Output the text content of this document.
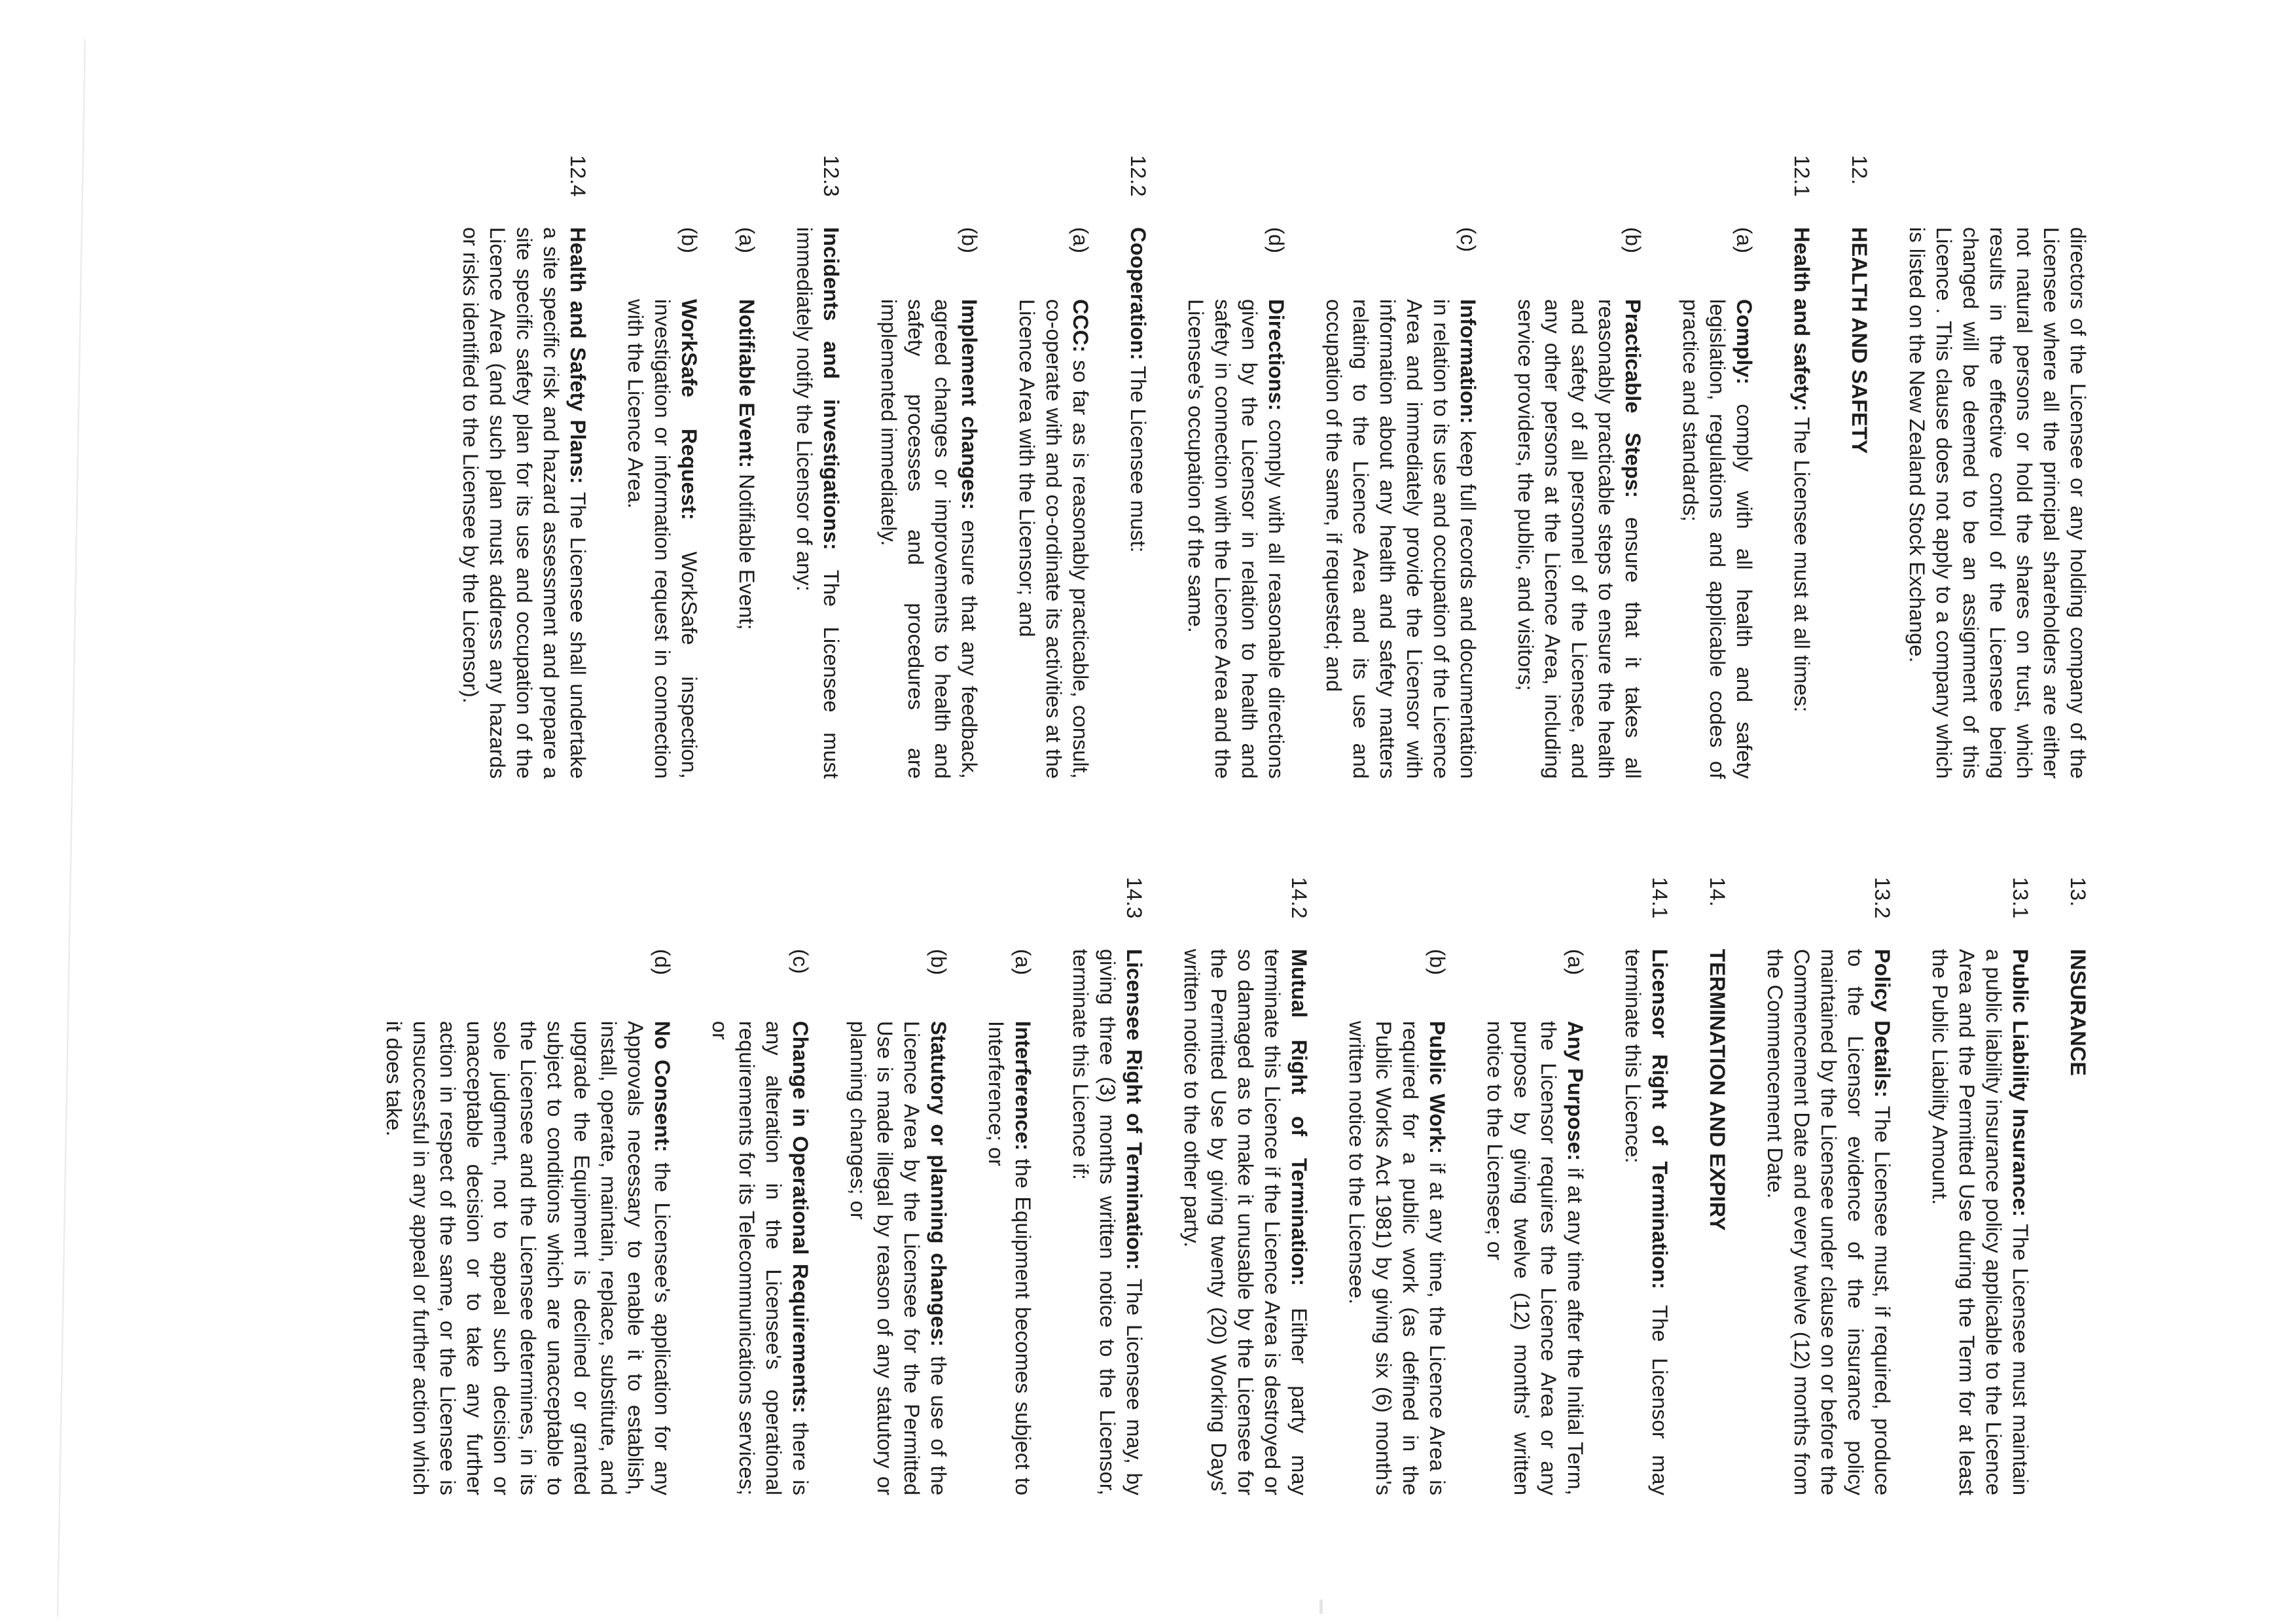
directors of the Licensee or any holding company of the Licensee where all the principal shareholders are either not natural persons or hold the shares on trust, which results in the effective control of the Licensee being changed will be deemed to be an assignment of this Licence . This clause does not apply to a company which is listed on the New Zealand Stock Exchange.
12.
HEALTH AND SAFETY
12.1
Health and safety: The Licensee must at all times:
(a)
Comply: comply with all health and safety legislation, regulations and applicable codes of practice and standards;
(b)
Practicable Steps: ensure that it takes all reasonably practicable steps to ensure the health and safety of all personnel of the Licensee, and any other persons at the Licence Area, including service providers, the public, and visitors;
(c)
Information: keep full records and documentation in relation to its use and occupation of the Licence Area and immediately provide the Licensor with information about any health and safety matters relating to the Licence Area and its use and occupation of the same, if requested; and
(d)
Directions: comply with all reasonable directions given by the Licensor in relation to health and safety in connection with the Licence Area and the Licensee's occupation of the same.
12.2
Cooperation: The Licensee must:
(a)
CCC: so far as is reasonably practicable, consult, co-operate with and co-ordinate its activities at the Licence Area with the Licensor; and
(b)
Implement changes: ensure that any feedback, agreed changes or improvements to health and safety processes and procedures are implemented immediately.
12.3
Incidents and investigations: The Licensee must immediately notify the Licensor of any:
(a)
Notifiable Event: Notifiable Event;
(b)
WorkSafe Request: WorkSafe inspection, investigation or information request in connection with the Licence Area.
12.4
Health and Safety Plans: The Licensee shall undertake a site specific risk and hazard assessment and prepare a site specific safety plan for its use and occupation of the Licence Area (and such plan must address any hazards or risks identified to the Licensee by the Licensor).
13.
INSURANCE
13.1
Public Liability Insurance: The Licensee must maintain a public liability insurance policy applicable to the Licence Area and the Permitted Use during the Term for at least the Public Liability Amount.
13.2
Policy Details: The Licensee must, if required, produce to the Licensor evidence of the insurance policy maintained by the Licensee under clause on or before the Commencement Date and every twelve (12) months from the Commencement Date.
14.
TERMINATION AND EXPIRY
14.1
Licensor Right of Termination: The Licensor may terminate this Licence:
(a)
Any Purpose: if at any time after the Initial Term, the Licensor requires the Licence Area or any purpose by giving twelve (12) months' written notice to the Licensee; or
(b)
Public Work: if at any time, the Licence Area is required for a public work (as defined in the Public Works Act 1981) by giving six (6) month's written notice to the Licensee.
14.2
Mutual Right of Termination: Either party may terminate this Licence if the Licence Area is destroyed or so damaged as to make it unusable by the Licensee for the Permitted Use by giving twenty (20) Working Days' written notice to the other party.
14.3
Licensee Right of Termination: The Licensee may, by giving three (3) months written notice to the Licensor, terminate this Licence if:
(a)
Interference: the Equipment becomes subject to Interference; or
(b)
Statutory or planning changes: the use of the Licence Area by the Licensee for the Permitted Use is made illegal by reason of any statutory or planning changes; or
(c)
Change in Operational Requirements: there is any alteration in the Licensee's operational requirements for its Telecommunications services; or
(d)
No Consent: the Licensee's application for any Approvals necessary to enable it to establish, install, operate, maintain, replace, substitute, and upgrade the Equipment is declined or granted subject to conditions which are unacceptable to the Licensee and the Licensee determines, in its sole judgment, not to appeal such decision or unacceptable decision or to take any further action in respect of the same, or the Licensee is unsuccessful in any appeal or further action which it does take.
